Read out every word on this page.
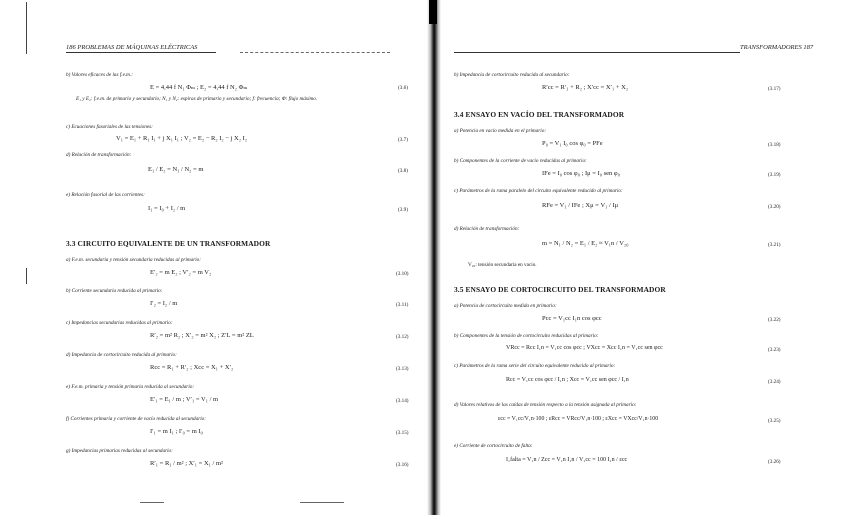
186 PROBLEMAS DE MÁQUINAS ELÉCTRICAS
b) Valores eficaces de las f.e.m.:
E = 4,44 f N₁ Φₘ ; E₂ = 4,44 f N₂ Φₘ	(3.6)
E₁ y E₂: f.e.m. de primario y secundario; N₁ y N₂: espiras de primario y secundario; f: frecuencia; Φ: flujo máximo.
c) Ecuaciones fasoriales de las tensiones:
V₁ = E₁ + R₁ I₁ + j X₁ I₁ ; V₂ = E₂ − R₂ I₂ − j X₂ I₂	(3.7)
d) Relación de transformación:
E₁ / E₂ = N₁ / N₂ = m	(3.8)
e) Relación fasorial de las corrientes:
I₁ = I₀ + I₂ / m	(3.9)
3.3 CIRCUITO EQUIVALENTE DE UN TRANSFORMADOR
a) F.e.m. secundaria y tensión secundaria reducidas al primario:
E′₂ = m E₂ ; V′₂ = m V₂	(3.10)
b) Corriente secundaria reducida al primario:
I′₂ = I₂ / m	(3.11)
c) Impedancias secundarias reducidas al primario:
R′₂ = m² R₂ ; X′₂ = m² X₂ ; Z′L = m² ZL	(3.12)
d) Impedancia de cortocircuito reducida al primario:
Rcc = R₁ + R′₂ ; Xcc = X₁ + X′₂	(3.13)
e) F.e.m. primaria y tensión primaria reducida al secundario:
E′₁ = E₁ / m ; V′₁ = V₁ / m	(3.14)
f) Corrientes primaria y corriente de vacío reducida al secundario:
I′₁ = m I₁ ; I′₀ = m I₀	(3.15)
g) Impedancias primarias reducidas al secundario:
R′₁ = R₁ / m² ; X′₁ = X₁ / m²	(3.16)
TRANSFORMADORES 187
h) Impedancia de cortocircuito reducida al secundario:
R′cc = R′₁ + R₂ ; X′cc = X′₁ + X₂	(3.17)
3.4 ENSAYO EN VACÍO DEL TRANSFORMADOR
a) Potencia en vacío medida en el primario:
P₀ = V₁ I₀ cos φ₀ = PFe	(3.18)
b) Componentes de la corriente de vacío reducidas al primario:
IFe = I₀ cos φ₀ ; Iμ = I₀ sen φ₀	(3.19)
c) Parámetros de la rama paralelo del circuito equivalente reducido al primario:
RFe = V₁ / IFe ; Xμ = V₁ / Iμ	(3.20)
d) Relación de transformación:
m = N₁ / N₂ = E₁ / E₂ ≈ V₁n / V₂₀	(3.21)
V₂₀: tensión secundaria en vacío.
3.5 ENSAYO DE CORTOCIRCUITO DEL TRANSFORMADOR
a) Potencia de cortocircuito medida en primario:
Pcc = V₁cc I₁n cos φcc	(3.22)
b) Componentes de la tensión de cortocircuito reducidas al primario:
VRcc = Rcc I₁n = V₁cc cos φcc ; VXcc = Xcc I₁n = V₁cc sen φcc	(3.23)
c) Parámetros de la rama serie del circuito equivalente reducido al primario:
Rcc = V₁cc cos φcc / I₁n ; Xcc = V₁cc sen φcc / I₁n	(3.24)
d) Valores relativos de las caídas de tensión respecto a la tensión asignada al primario:
εcc = V₁cc/V₁n·100 ; εRcc = VRcc/V₁n·100 ; εXcc = VXcc/V₁n·100	(3.25)
e) Corriente de cortocircuito de falta:
I₁falta = V₁n / Zcc = V₁n I₁n / V₁cc = 100 I₁n / εcc	(3.26)
